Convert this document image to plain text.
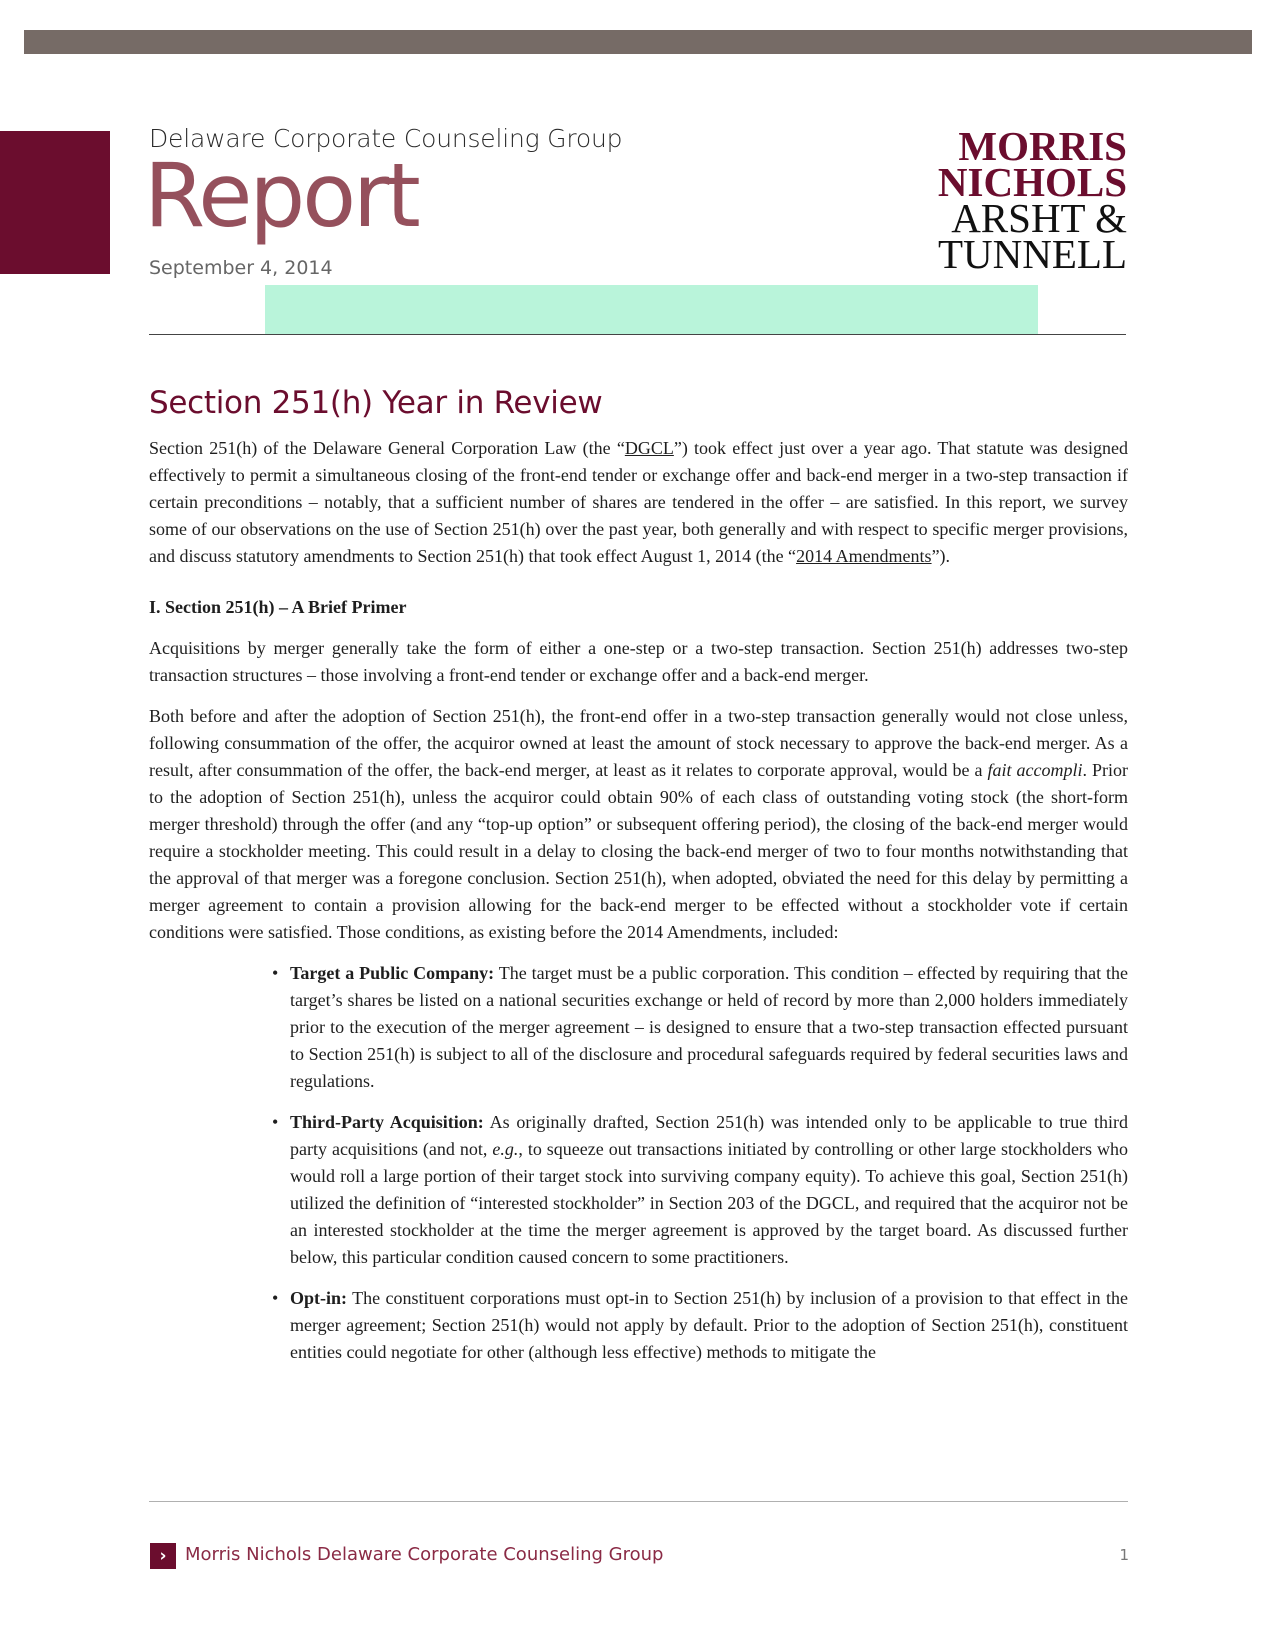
Delaware Corporate Counseling Group
Report
September 4, 2014
MORRIS
NICHOLS
ARSHT &
TUNNELL
Section 251(h) Year in Review

Section 251(h) of the Delaware General Corporation Law (the “DGCL”) took effect just over a year ago. That statute was designed effectively to permit a simultaneous closing of the front-end tender or exchange offer and back-end merger in a two-step transaction if certain preconditions – notably, that a sufficient number of shares are tendered in the offer – are satisfied. In this report, we survey some of our observations on the use of Section 251(h) over the past year, both generally and with respect to specific merger provisions, and discuss statutory amendments to Section 251(h) that took effect August 1, 2014 (the “2014 Amendments”).

I. Section 251(h) – A Brief Primer

Acquisitions by merger generally take the form of either a one-step or a two-step transaction. Section 251(h) addresses two-step transaction structures – those involving a front-end tender or exchange offer and a back-end merger.

Both before and after the adoption of Section 251(h), the front-end offer in a two-step transaction generally would not close unless, following consummation of the offer, the acquiror owned at least the amount of stock necessary to approve the back-end merger. As a result, after consummation of the offer, the back-end merger, at least as it relates to corporate approval, would be a fait accompli. Prior to the adoption of Section 251(h), unless the acquiror could obtain 90% of each class of outstanding voting stock (the short-form merger threshold) through the offer (and any “top-up option” or subsequent offering period), the closing of the back-end merger would require a stockholder meeting. This could result in a delay to closing the back-end merger of two to four months notwithstanding that the approval of that merger was a foregone conclusion. Section 251(h), when adopted, obviated the need for this delay by permitting a merger agreement to contain a provision allowing for the back-end merger to be effected without a stockholder vote if certain conditions were satisfied. Those conditions, as existing before the 2014 Amendments, included:

• Target a Public Company: The target must be a public corporation. This condition – effected by requiring that the target’s shares be listed on a national securities exchange or held of record by more than 2,000 holders immediately prior to the execution of the merger agreement – is designed to ensure that a two-step transaction effected pursuant to Section 251(h) is subject to all of the disclosure and procedural safeguards required by federal securities laws and regulations.
• Third-Party Acquisition: As originally drafted, Section 251(h) was intended only to be applicable to true third party acquisitions (and not, e.g., to squeeze out transactions initiated by controlling or other large stockholders who would roll a large portion of their target stock into surviving company equity). To achieve this goal, Section 251(h) utilized the definition of “interested stockholder” in Section 203 of the DGCL, and required that the acquiror not be an interested stockholder at the time the merger agreement is approved by the target board. As discussed further below, this particular condition caused concern to some practitioners.
• Opt-in: The constituent corporations must opt-in to Section 251(h) by inclusion of a provision to that effect in the merger agreement; Section 251(h) would not apply by default. Prior to the adoption of Section 251(h), constituent entities could negotiate for other (although less effective) methods to mitigate the
›	Morris Nichols Delaware Corporate Counseling Group	1
